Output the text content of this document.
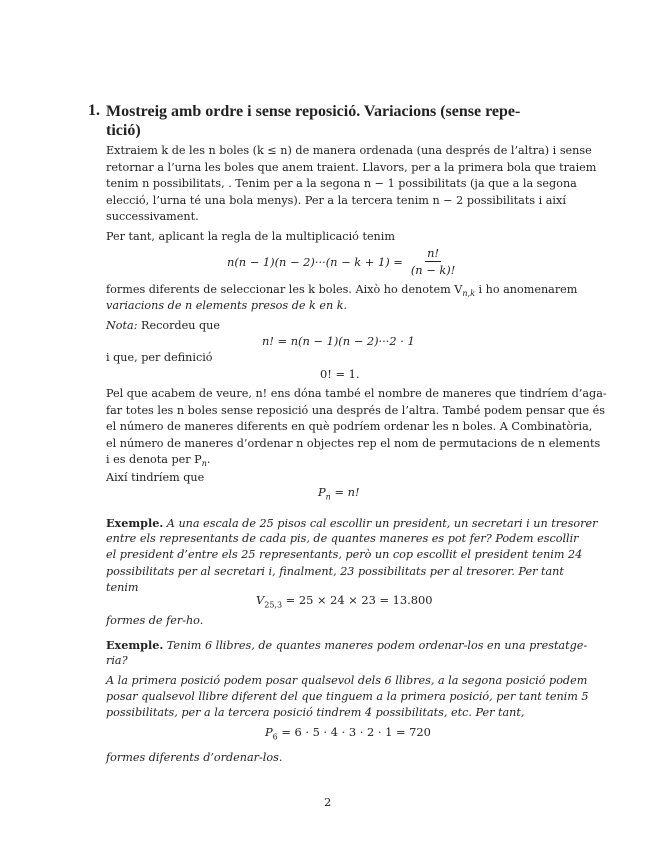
1. Mostreig amb ordre i sense reposició. Variacions (sense repe-
tició)
Extraiem k de les n boles (k ≤ n) de manera ordenada (una després de l’altra) i sense
retornar a l’urna les boles que anem traient. Llavors, per a la primera bola que traiem
tenim n possibilitats, . Tenim per a la segona n − 1 possibilitats (ja que a la segona
elecció, l’urna té una bola menys). Per a la tercera tenim n − 2 possibilitats i així
successivament.
Per tant, aplicant la regla de la multiplicació tenim
$n(n - 1)(n - 2)\cdot\cdot\cdot(n - k + 1) = \frac{n!}{(n - k)!}$
formes diferents de seleccionar les k boles. Això ho denotem $V_{n,k}$ i ho anomenarem
variacions de n elements presos de k en k.
Nota: Recordeu que
n! = n(n − 1)(n − 2)···2 · 1
i que, per definició
0! = 1.
Pel que acabem de veure, n! ens dóna també el nombre de maneres que tindríem d’aga-
far totes les n boles sense reposició una després de l’altra. També podem pensar que és
el número de maneres diferents en què podríem ordenar les n boles. A Combinatòria,
el número de maneres d’ordenar n objectes rep el nom de permutacions de n elements
i es denota per $P_n$.
Així tindríem que
$P_n = n$!
Exemple. A una escala de 25 pisos cal escollir un president, un secretari i un tresorer
entre els representants de cada pis, de quantes maneres es pot fer? Podem escollir
el president d’entre els 25 representants, però un cop escollit el president tenim 24
possibilitats per al secretari i, finalment, 23 possibilitats per al tresorer. Per tant
tenim
$V_{25,3} = 25 \times 24 \times 23 = 13.800$
formes de fer-ho.
Exemple. Tenim 6 llibres, de quantes maneres podem ordenar-los en una prestatge-
ria?
A la primera posició podem posar qualsevol dels 6 llibres, a la segona posició podem
posar qualsevol llibre diferent del que tinguem a la primera posició, per tant tenim 5
possibilitats, per a la tercera posició tindrem 4 possibilitats, etc. Per tant,
$P_6 = 6 \cdot 5 \cdot 4 \cdot 3 \cdot 2 \cdot 1 = 720$
formes diferents d’ordenar-los.
2
